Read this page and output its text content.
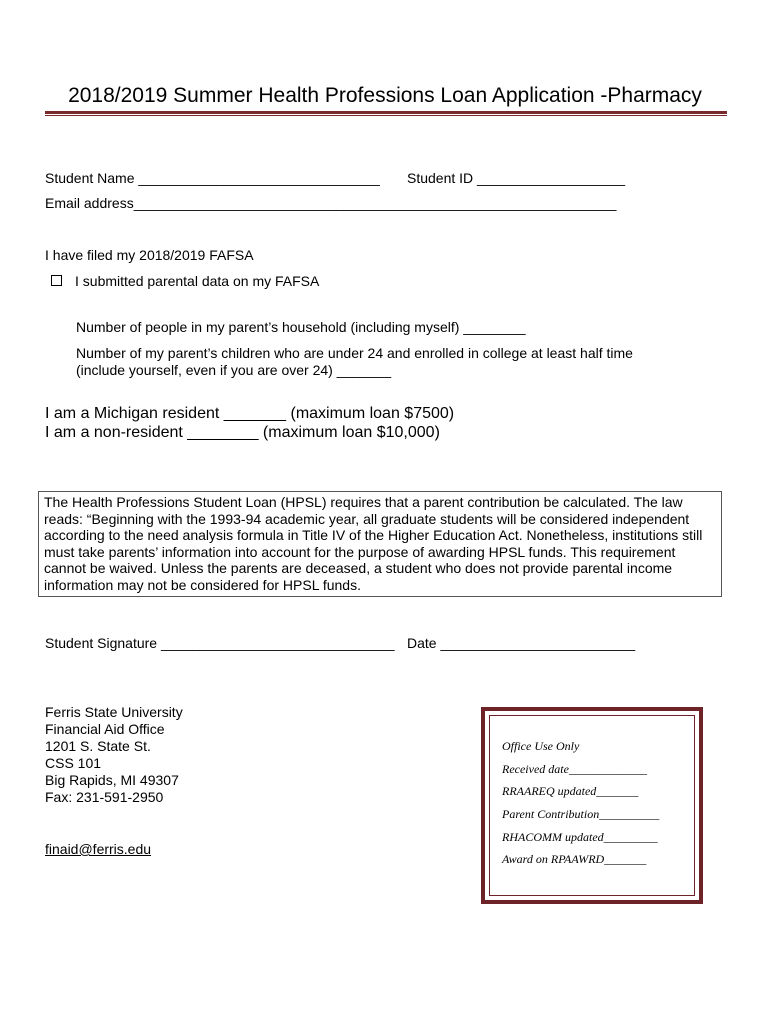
2018/2019 Summer Health Professions Loan Application -Pharmacy
Student Name _______________________________ Student ID ___________________
Email address______________________________________________________________
I have filed my 2018/2019 FAFSA
I submitted parental data on my FAFSA
Number of people in my parent’s household (including myself) ________
Number of my parent’s children who are under 24 and enrolled in college at least half time
(include yourself, even if you are over 24) _______
I am a Michigan resident _______ (maximum loan $7500)
I am a non-resident ________ (maximum loan $10,000)

The Health Professions Student Loan (HPSL) requires that a parent contribution be calculated. The law reads: “Beginning with the 1993-94 academic year, all graduate students will be considered independent according to the need analysis formula in Title IV of the Higher Education Act. Nonetheless, institutions still must take parents’ information into account for the purpose of awarding HPSL funds. This requirement cannot be waived. Unless the parents are deceased, a student who does not provide parental income information may not be considered for HPSL funds.

Student Signature ______________________________ Date _________________________
Ferris State University
Financial Aid Office
1201 S. State St.
CSS 101
Big Rapids, MI 49307
Fax: 231-591-2950
finaid@ferris.edu
Office Use Only
Received date_____________
RRAAREQ updated_______
Parent Contribution__________
RHACOMM updated_________
Award on RPAAWRD_______
